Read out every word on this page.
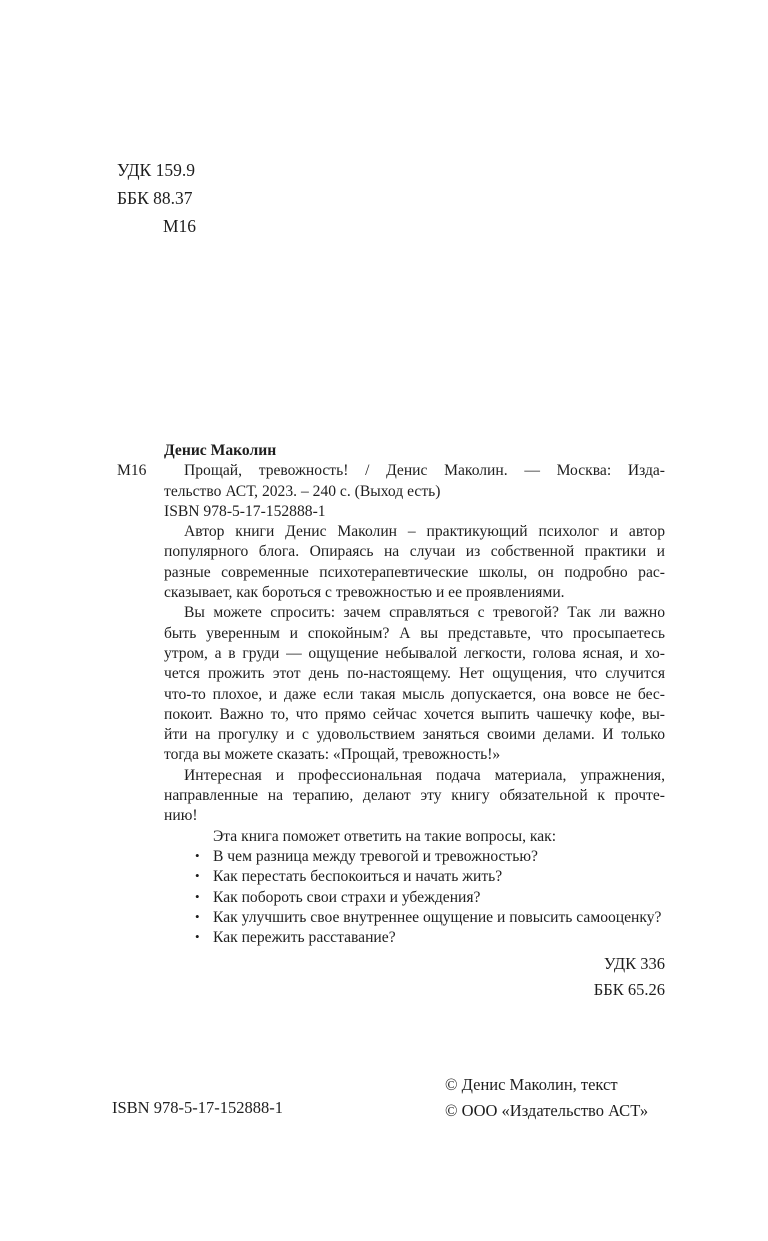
УДК 159.9
ББК 88.37
М16
Денис Маколин
М16	Прощай, тревожность! / Денис Маколин. — Москва: Изда-
тельство АСТ, 2023. – 240 с. (Выход есть)
ISBN 978-5-17-152888-1
Автор книги Денис Маколин – практикующий психолог и автор
популярного блога. Опираясь на случаи из собственной практики и
разные современные психотерапевтические школы, он подробно рас-
сказывает, как бороться с тревожностью и ее проявлениями.
Вы можете спросить: зачем справляться с тревогой? Так ли важно
быть уверенным и спокойным? А вы представьте, что просыпаетесь
утром, а в груди — ощущение небывалой легкости, голова ясная, и хо-
чется прожить этот день по-настоящему. Нет ощущения, что случится
что-то плохое, и даже если такая мысль допускается, она вовсе не бес-
покоит. Важно то, что прямо сейчас хочется выпить чашечку кофе, вы-
йти на прогулку и с удовольствием заняться своими делами. И только
тогда вы можете сказать: «Прощай, тревожность!»
Интересная и профессиональная подача материала, упражнения,
направленные на терапию, делают эту книгу обязательной к прочте-
нию!
Эта книга поможет ответить на такие вопросы, как:
• В чем разница между тревогой и тревожностью?
• Как перестать беспокоиться и начать жить?
• Как побороть свои страхи и убеждения?
• Как улучшить свое внутреннее ощущение и повысить самооценку?
• Как пережить расставание?
УДК 336
ББК 65.26
ISBN 978-5-17-152888-1
© Денис Маколин, текст
© ООО «Издательство АСТ»
